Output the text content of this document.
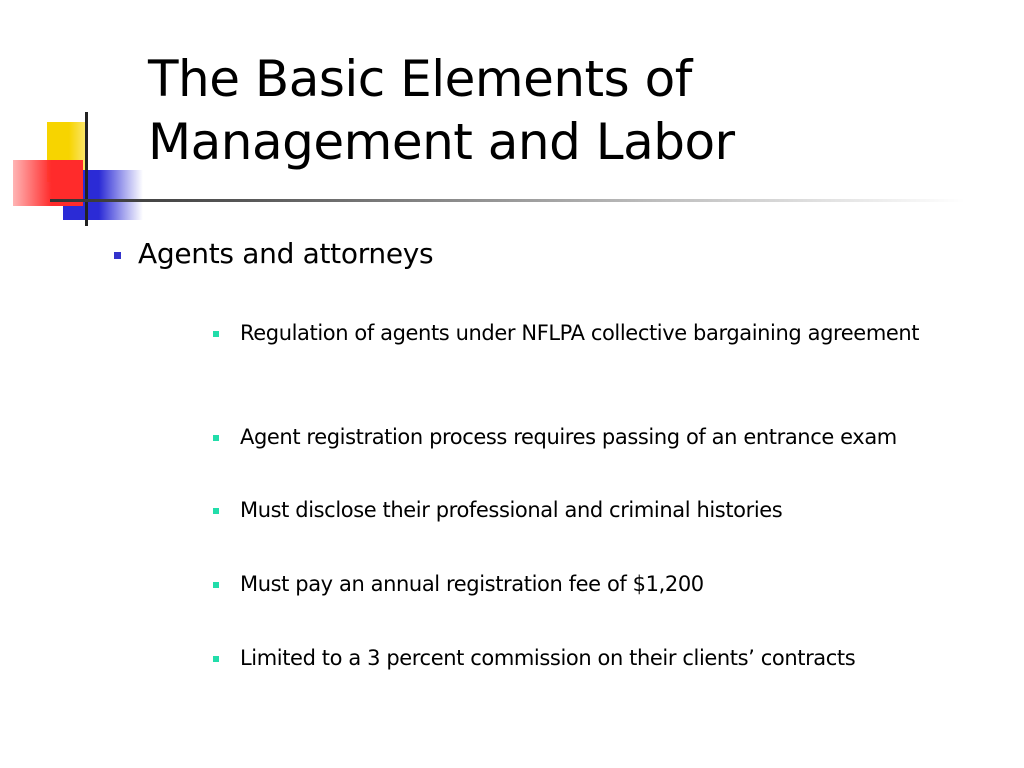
The Basic Elements of
Management and Labor
Agents and attorneys
Regulation of agents under NFLPA collective bargaining agreement
Agent registration process requires passing of an entrance exam
Must disclose their professional and criminal histories
Must pay an annual registration fee of $1,200
Limited to a 3 percent commission on their clients’ contracts
